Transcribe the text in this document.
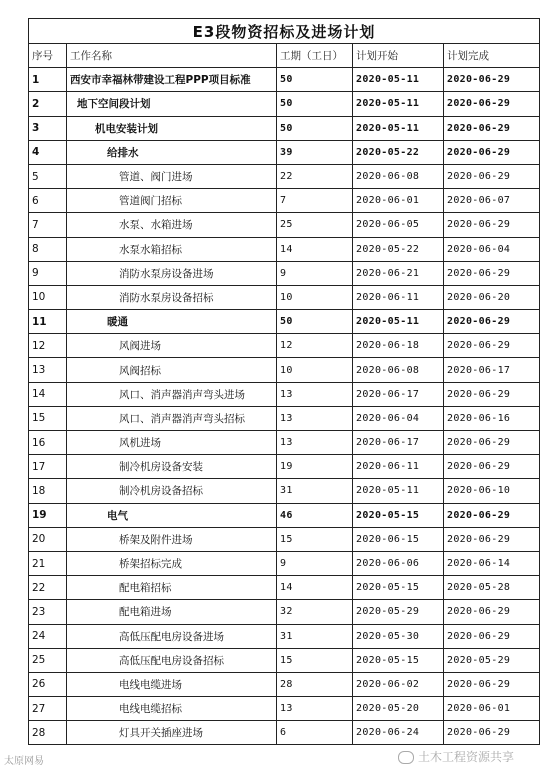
E3段物资招标及进场计划				
序号	工作名称	工期（工日）	计划开始	计划完成
1	西安市幸福林带建设工程PPP项目标准	50	2020-05-11	2020-06-29
2	地下空间段计划	50	2020-05-11	2020-06-29
3	机电安装计划	50	2020-05-11	2020-06-29
4	给排水	39	2020-05-22	2020-06-29
5	管道、阀门进场	22	2020-06-08	2020-06-29
6	管道阀门招标	7	2020-06-01	2020-06-07
7	水泵、水箱进场	25	2020-06-05	2020-06-29
8	水泵水箱招标	14	2020-05-22	2020-06-04
9	消防水泵房设备进场	9	2020-06-21	2020-06-29
10	消防水泵房设备招标	10	2020-06-11	2020-06-20
11	暖通	50	2020-05-11	2020-06-29
12	风阀进场	12	2020-06-18	2020-06-29
13	风阀招标	10	2020-06-08	2020-06-17
14	风口、消声器消声弯头进场	13	2020-06-17	2020-06-29
15	风口、消声器消声弯头招标	13	2020-06-04	2020-06-16
16	风机进场	13	2020-06-17	2020-06-29
17	制冷机房设备安装	19	2020-06-11	2020-06-29
18	制冷机房设备招标	31	2020-05-11	2020-06-10
19	电气	46	2020-05-15	2020-06-29
20	桥架及附件进场	15	2020-06-15	2020-06-29
21	桥架招标完成	9	2020-06-06	2020-06-14
22	配电箱招标	14	2020-05-15	2020-05-28
23	配电箱进场	32	2020-05-29	2020-06-29
24	高低压配电房设备进场	31	2020-05-30	2020-06-29
25	高低压配电房设备招标	15	2020-05-15	2020-05-29
26	电线电缆进场	28	2020-06-02	2020-06-29
27	电线电缆招标	13	2020-05-20	2020-06-01
28	灯具开关插座进场	6	2020-06-24	2020-06-29
太原网易	土木工程资源共享
